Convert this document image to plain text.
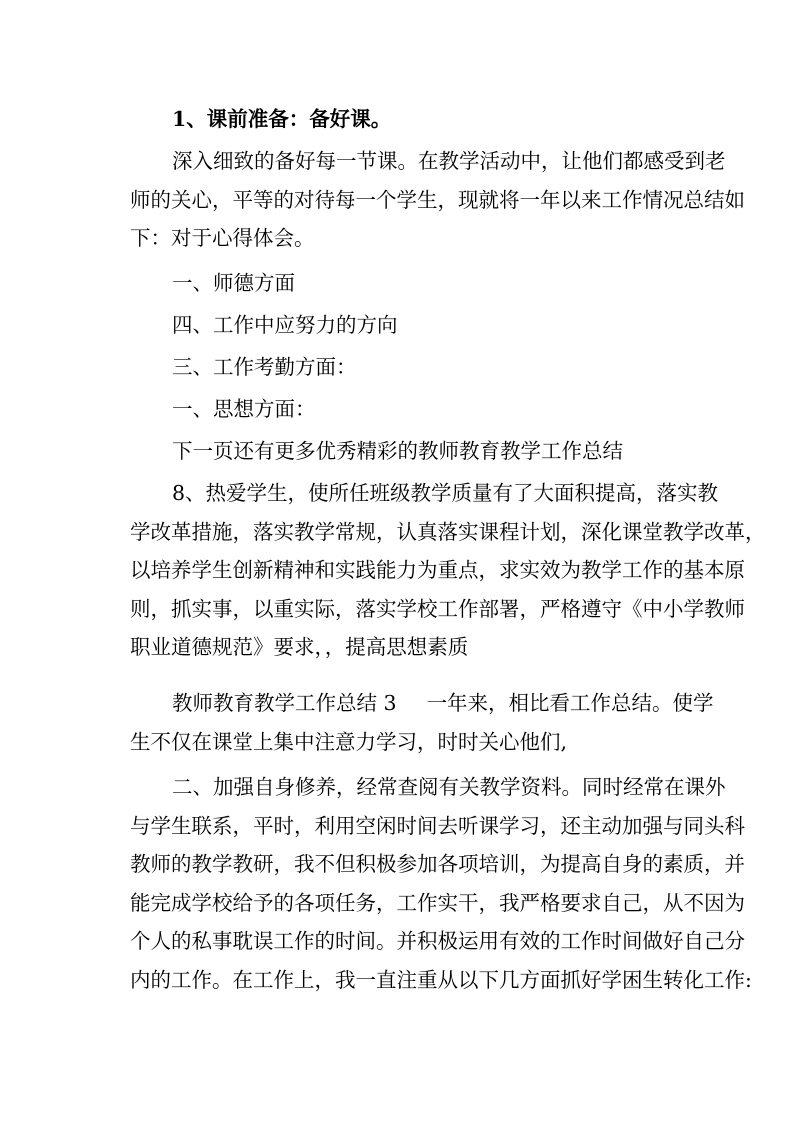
1、课前准备：备好课。

深入细致的备好每一节课。在教学活动中，让他们都感受到老
师的关心，平等的对待每一个学生，现就将一年以来工作情况总结如
下：对于心得体会。

一、师德方面

四、工作中应努力的方向

三、工作考勤方面：

一、思想方面：

下一页还有更多优秀精彩的教师教育教学工作总结

8、热爱学生，使所任班级教学质量有了大面积提高，落实教
学改革措施，落实教学常规，认真落实课程计划，深化课堂教学改革，
以培养学生创新精神和实践能力为重点，求实效为教学工作的基本原
则，抓实事，以重实际，落实学校工作部署，严格遵守《中小学教师
职业道德规范》要求，，提高思想素质

教师教育教学工作总结 3 一年来，相比看工作总结。使学
生不仅在课堂上集中注意力学习，时时关心他们,

二、加强自身修养，经常查阅有关教学资料。同时经常在课外
与学生联系，平时，利用空闲时间去听课学习，还主动加强与同头科
教师的教学教研，我不但积极参加各项培训，为提高自身的素质，并
能完成学校给予的各项任务，工作实干，我严格要求自己，从不因为
个人的私事耽误工作的时间。并积极运用有效的工作时间做好自己分
内的工作。在工作上，我一直注重从以下几方面抓好学困生转化工作:
